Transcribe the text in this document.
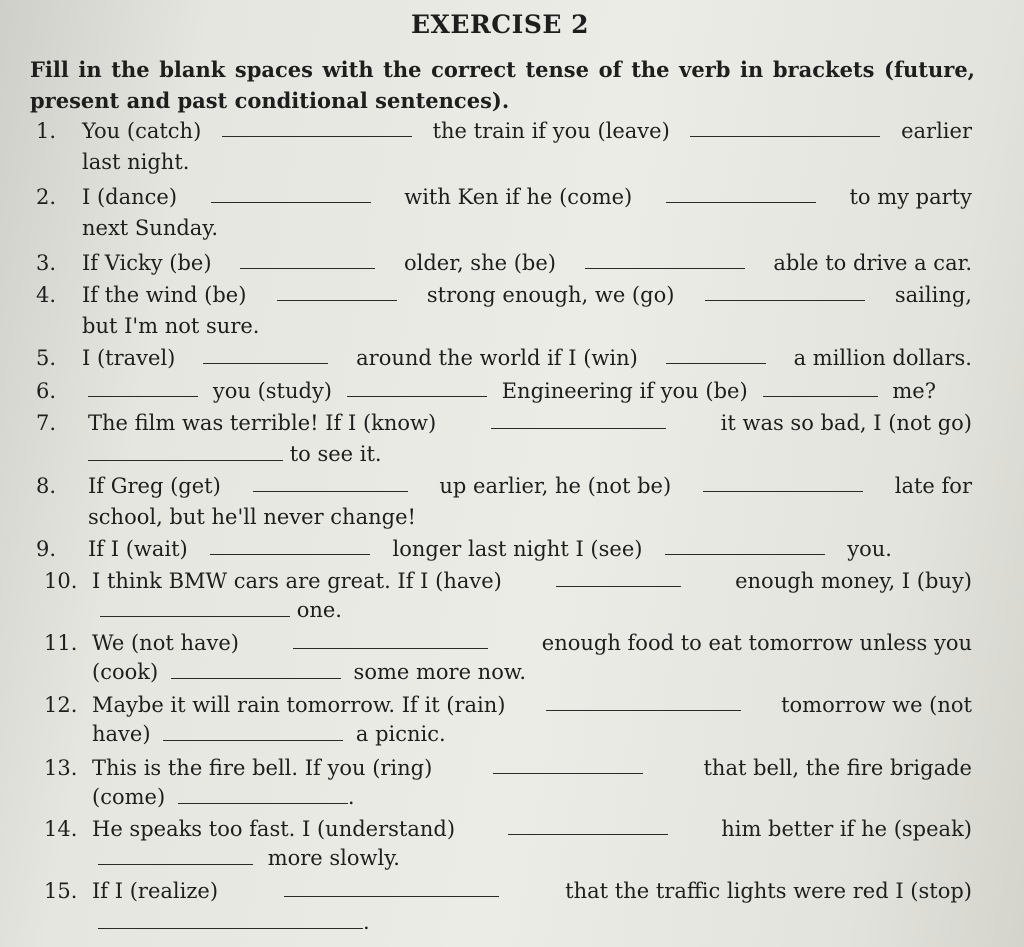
EXERCISE 2
Fill in the blank spaces with the correct tense of the verb in brackets (future, present and past conditional sentences).
1.	You (catch)	the train if you (leave)	earlier
last night.
2.	I (dance)	with Ken if he (come)	to my party
next Sunday.
3.	If Vicky (be)	older, she (be)	able to drive a car.
4.	If the wind (be)	strong enough, we (go)	sailing,
but I'm not sure.
5.	I (travel)	around the world if I (win)	a million dollars.
6.	you (study)	Engineering if you (be)	me?
7.	The film was terrible! If I (know)	it was so bad, I (not go)
to see it.
8.	If Greg (get)	up earlier, he (not be)	late for
school, but he'll never change!
9.	If I (wait)	longer last night I (see)	you.
10. I think BMW cars are great. If I (have)	enough money, I (buy)
one.
11. We (not have)	enough food to eat tomorrow unless you
(cook)	some more now.
12. Maybe it will rain tomorrow. If it (rain)	tomorrow we (not
have)	a picnic.
13. This is the fire bell. If you (ring)	that bell, the fire brigade
(come)	.
14. He speaks too fast. I (understand)	him better if he (speak)
more slowly.
15. If I (realize)	that the traffic lights were red I (stop)
.
